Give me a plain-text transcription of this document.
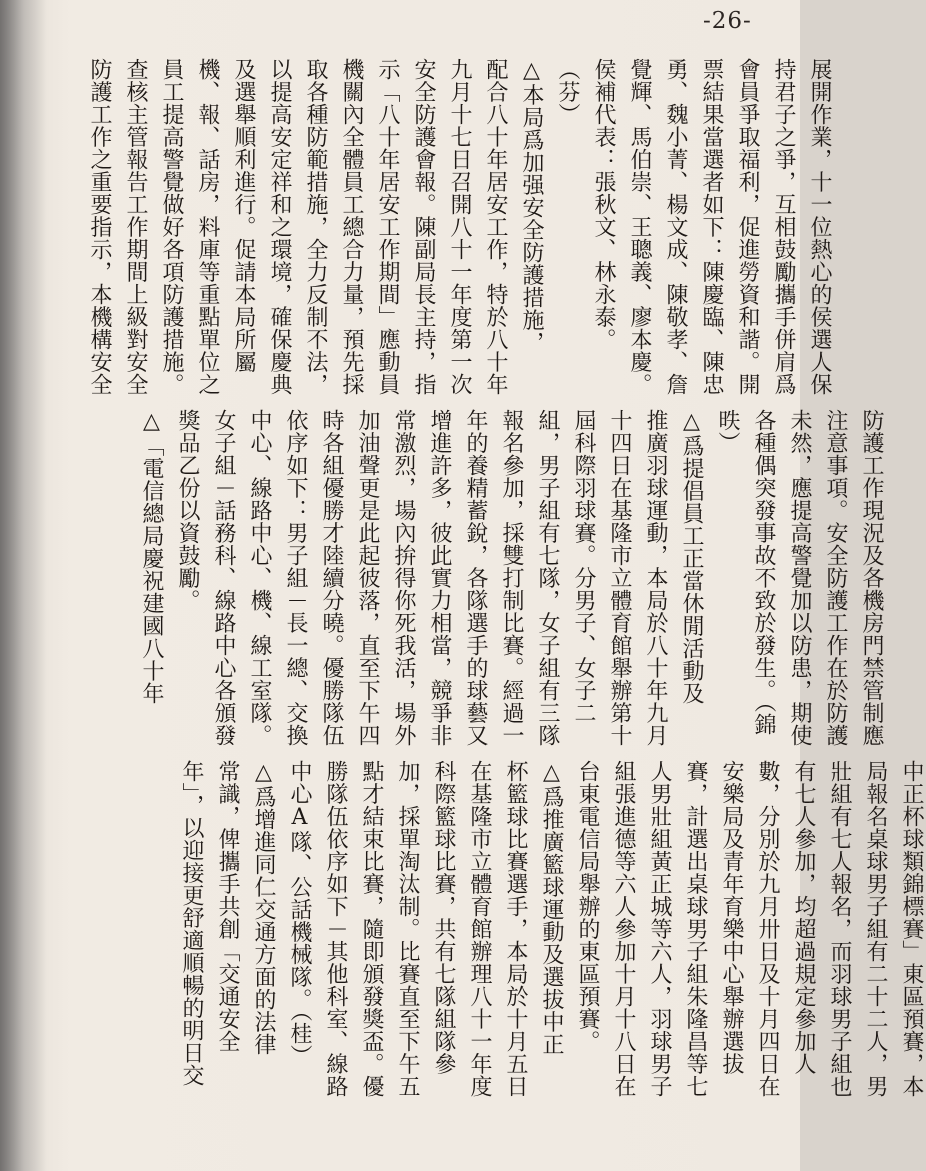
-26-

展開作業，十一位熱心的侯選人保

持君子之爭，互相鼓勵攜手併肩爲

會員爭取福利，促進勞資和諧。開

票結果當選者如下：陳慶臨、陳忠

勇、魏小菁、楊文成、陳敬孝、詹

覺輝、馬伯崇、王聰義、廖本慶。

侯補代表：張秋文、林永泰。

（芬）

△本局爲加强安全防護措施，

配合八十年居安工作，特於八十年

九月十七日召開八十一年度第一次

安全防護會報。陳副局長主持，指

示「八十年居安工作期間」應動員

機關內全體員工總合力量，預先採

取各種防範措施，全力反制不法，

以提高安定祥和之環境，確保慶典

及選舉順利進行。促請本局所屬

機、報、話房，料庫等重點單位之

員工提高警覺做好各項防護措施。

查核主管報告工作期間上級對安全

防護工作之重要指示，本機構安全

防護工作現況及各機房門禁管制應

注意事項。安全防護工作在於防護

未然，應提高警覺加以防患，期使

各種偶突發事故不致於發生。（錦

昳）

△爲提倡員工正當休閒活動及

推廣羽球運動，本局於八十年九月

十四日在基隆市立體育館舉辦第十

屆科際羽球賽。分男子、女子二

組，男子組有七隊，女子組有三隊

報名參加，採雙打制比賽。經過一

年的養精蓄銳，各隊選手的球藝又

增進許多，彼此實力相當，競爭非

常激烈，場內拚得你死我活，場外

加油聲更是此起彼落，直至下午四

時各組優勝才陸續分曉。優勝隊伍

依序如下：男子組－長一總、交換

中心、線路中心、機、線工室隊。

女子組－話務科、線路中心各頒發

獎品乙份以資鼓勵。

△「電信總局慶祝建國八十年

中正杯球類錦標賽」東區預賽，本

局報名桌球男子組有二十二人，男

壯組有七人報名，而羽球男子組也

有七人參加，均超過規定參加人

數，分別於九月卅日及十月四日在

安樂局及青年育樂中心舉辦選拔

賽，計選出桌球男子組朱隆昌等七

人男壯組黃正城等六人，羽球男子

組張進德等六人參加十月十八日在

台東電信局舉辦的東區預賽。

△爲推廣籃球運動及選拔中正

杯籃球比賽選手，本局於十月五日

在基隆市立體育館辦理八十一年度

科際籃球比賽，共有七隊組隊參

加，採單淘汰制。比賽直至下午五

點才結束比賽，隨即頒發獎盃。優

勝隊伍依序如下－其他科室、線路

中心A隊、公話機械隊。（桂）

△爲增進同仁交通方面的法律

常識，俾攜手共創「交通安全

年」，以迎接更舒適順暢的明日交
